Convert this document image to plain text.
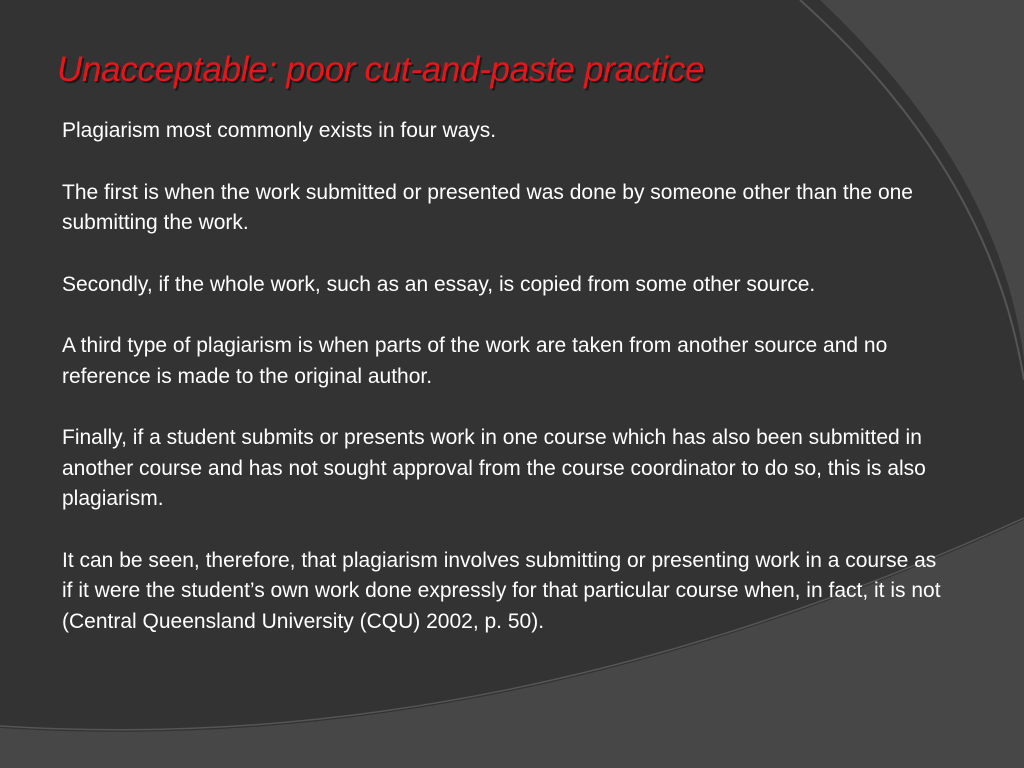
Unacceptable: poor cut-and-paste practice

Plagiarism most commonly exists in four ways.

The first is when the work submitted or presented was done by someone other than the one submitting the work.

Secondly, if the whole work, such as an essay, is copied from some other source.

A third type of plagiarism is when parts of the work are taken from another source and no reference is made to the original author.

Finally, if a student submits or presents work in one course which has also been submitted in another course and has not sought approval from the course coordinator to do so, this is also plagiarism.

It can be seen, therefore, that plagiarism involves submitting or presenting work in a course as if it were the student’s own work done expressly for that particular course when, in fact, it is not (Central Queensland University (CQU) 2002, p. 50).
